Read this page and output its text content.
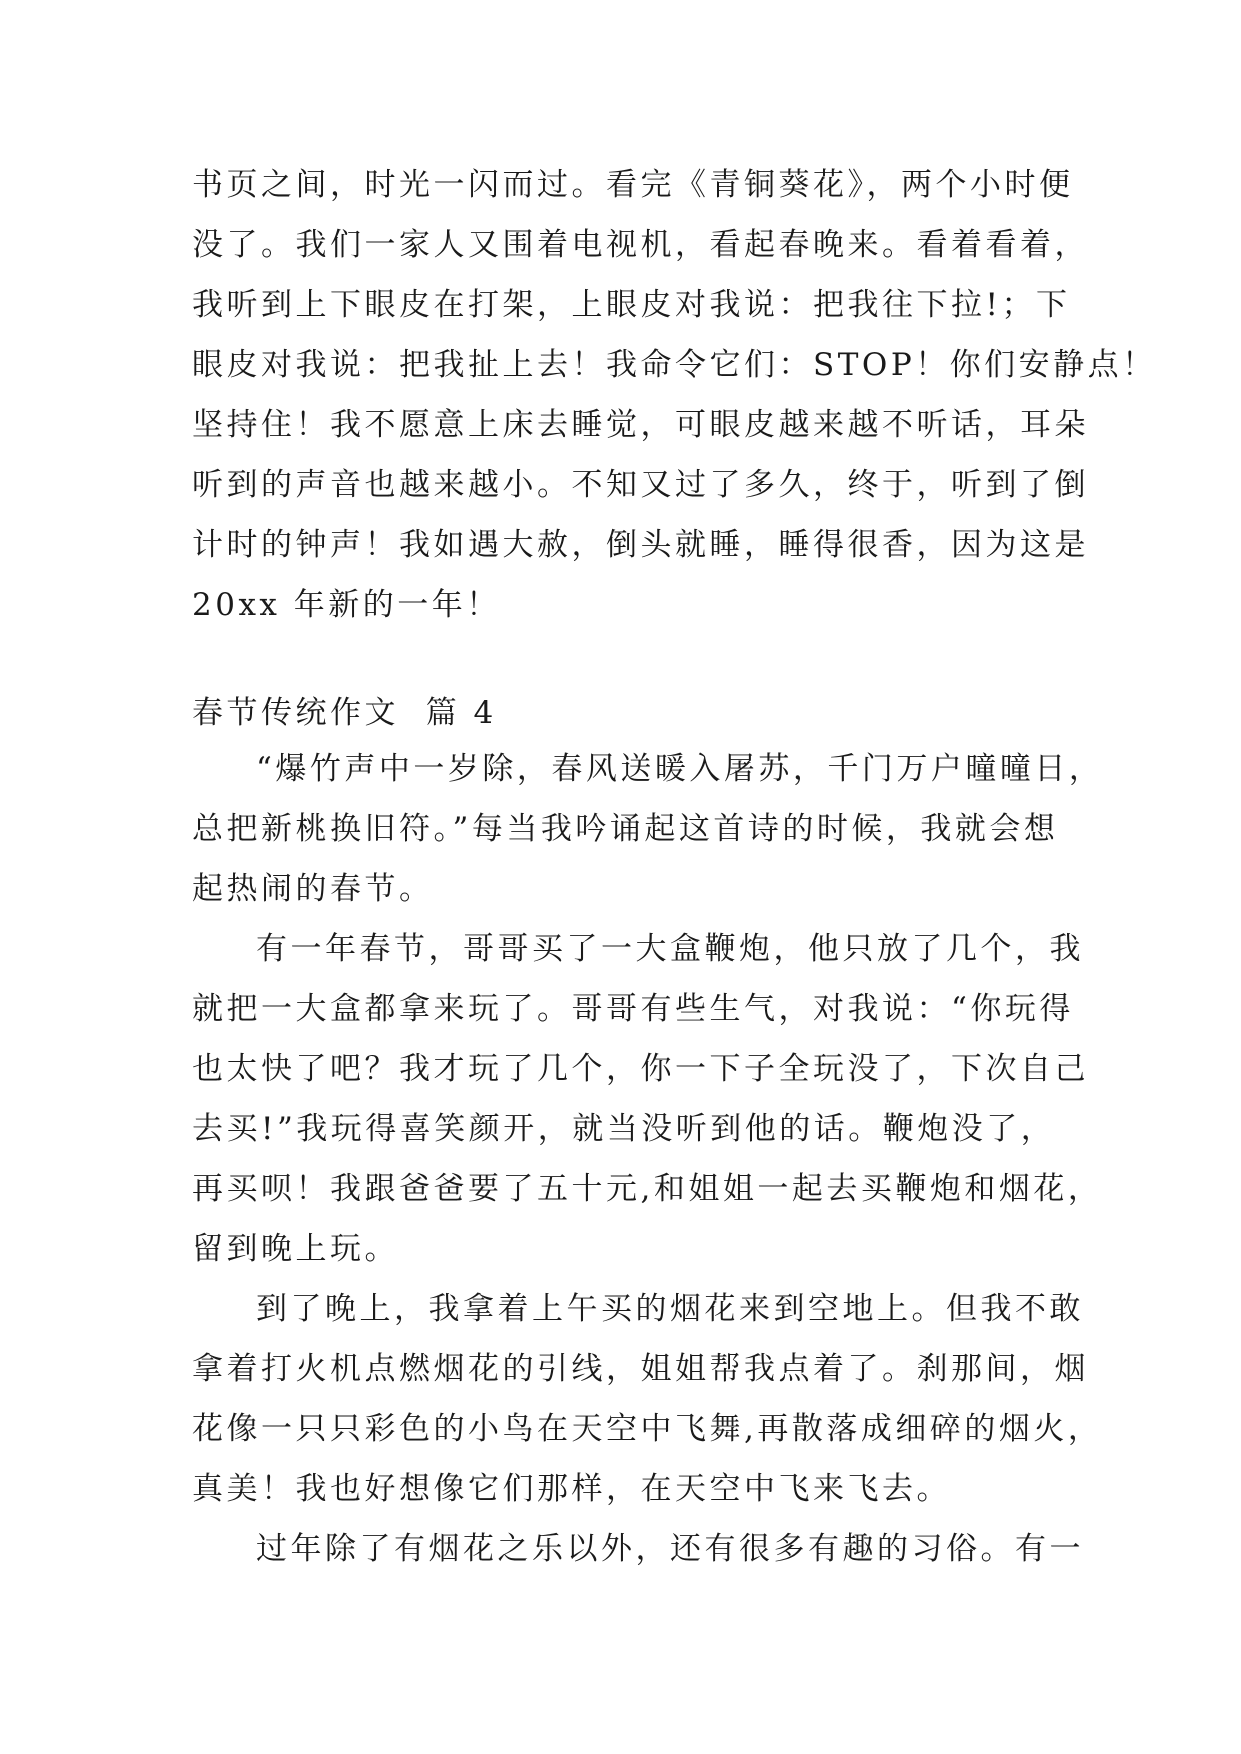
书页之间，时光一闪而过。看完《青铜葵花》，两个小时便
没了。我们一家人又围着电视机，看起春晚来。看着看着，
我听到上下眼皮在打架，上眼皮对我说：把我往下拉!；下
眼皮对我说：把我扯上去！我命令它们：STOP！你们安静点！
坚持住！我不愿意上床去睡觉，可眼皮越来越不听话，耳朵
听到的声音也越来越小。不知又过了多久，终于，听到了倒
计时的钟声！我如遇大赦，倒头就睡，睡得很香，因为这是
20xx 年新的一年！
春节传统作文  篇 4
“爆竹声中一岁除，春风送暖入屠苏，千门万户曈曈日，
总把新桃换旧符。”每当我吟诵起这首诗的时候，我就会想
起热闹的春节。
有一年春节，哥哥买了一大盒鞭炮，他只放了几个，我
就把一大盒都拿来玩了。哥哥有些生气，对我说：“你玩得
也太快了吧？我才玩了几个，你一下子全玩没了，下次自己
去买!”我玩得喜笑颜开，就当没听到他的话。鞭炮没了，
再买呗！我跟爸爸要了五十元,和姐姐一起去买鞭炮和烟花，
留到晚上玩。
到了晚上，我拿着上午买的烟花来到空地上。但我不敢
拿着打火机点燃烟花的引线，姐姐帮我点着了。刹那间，烟
花像一只只彩色的小鸟在天空中飞舞,再散落成细碎的烟火，
真美！我也好想像它们那样，在天空中飞来飞去。
过年除了有烟花之乐以外，还有很多有趣的习俗。有一
